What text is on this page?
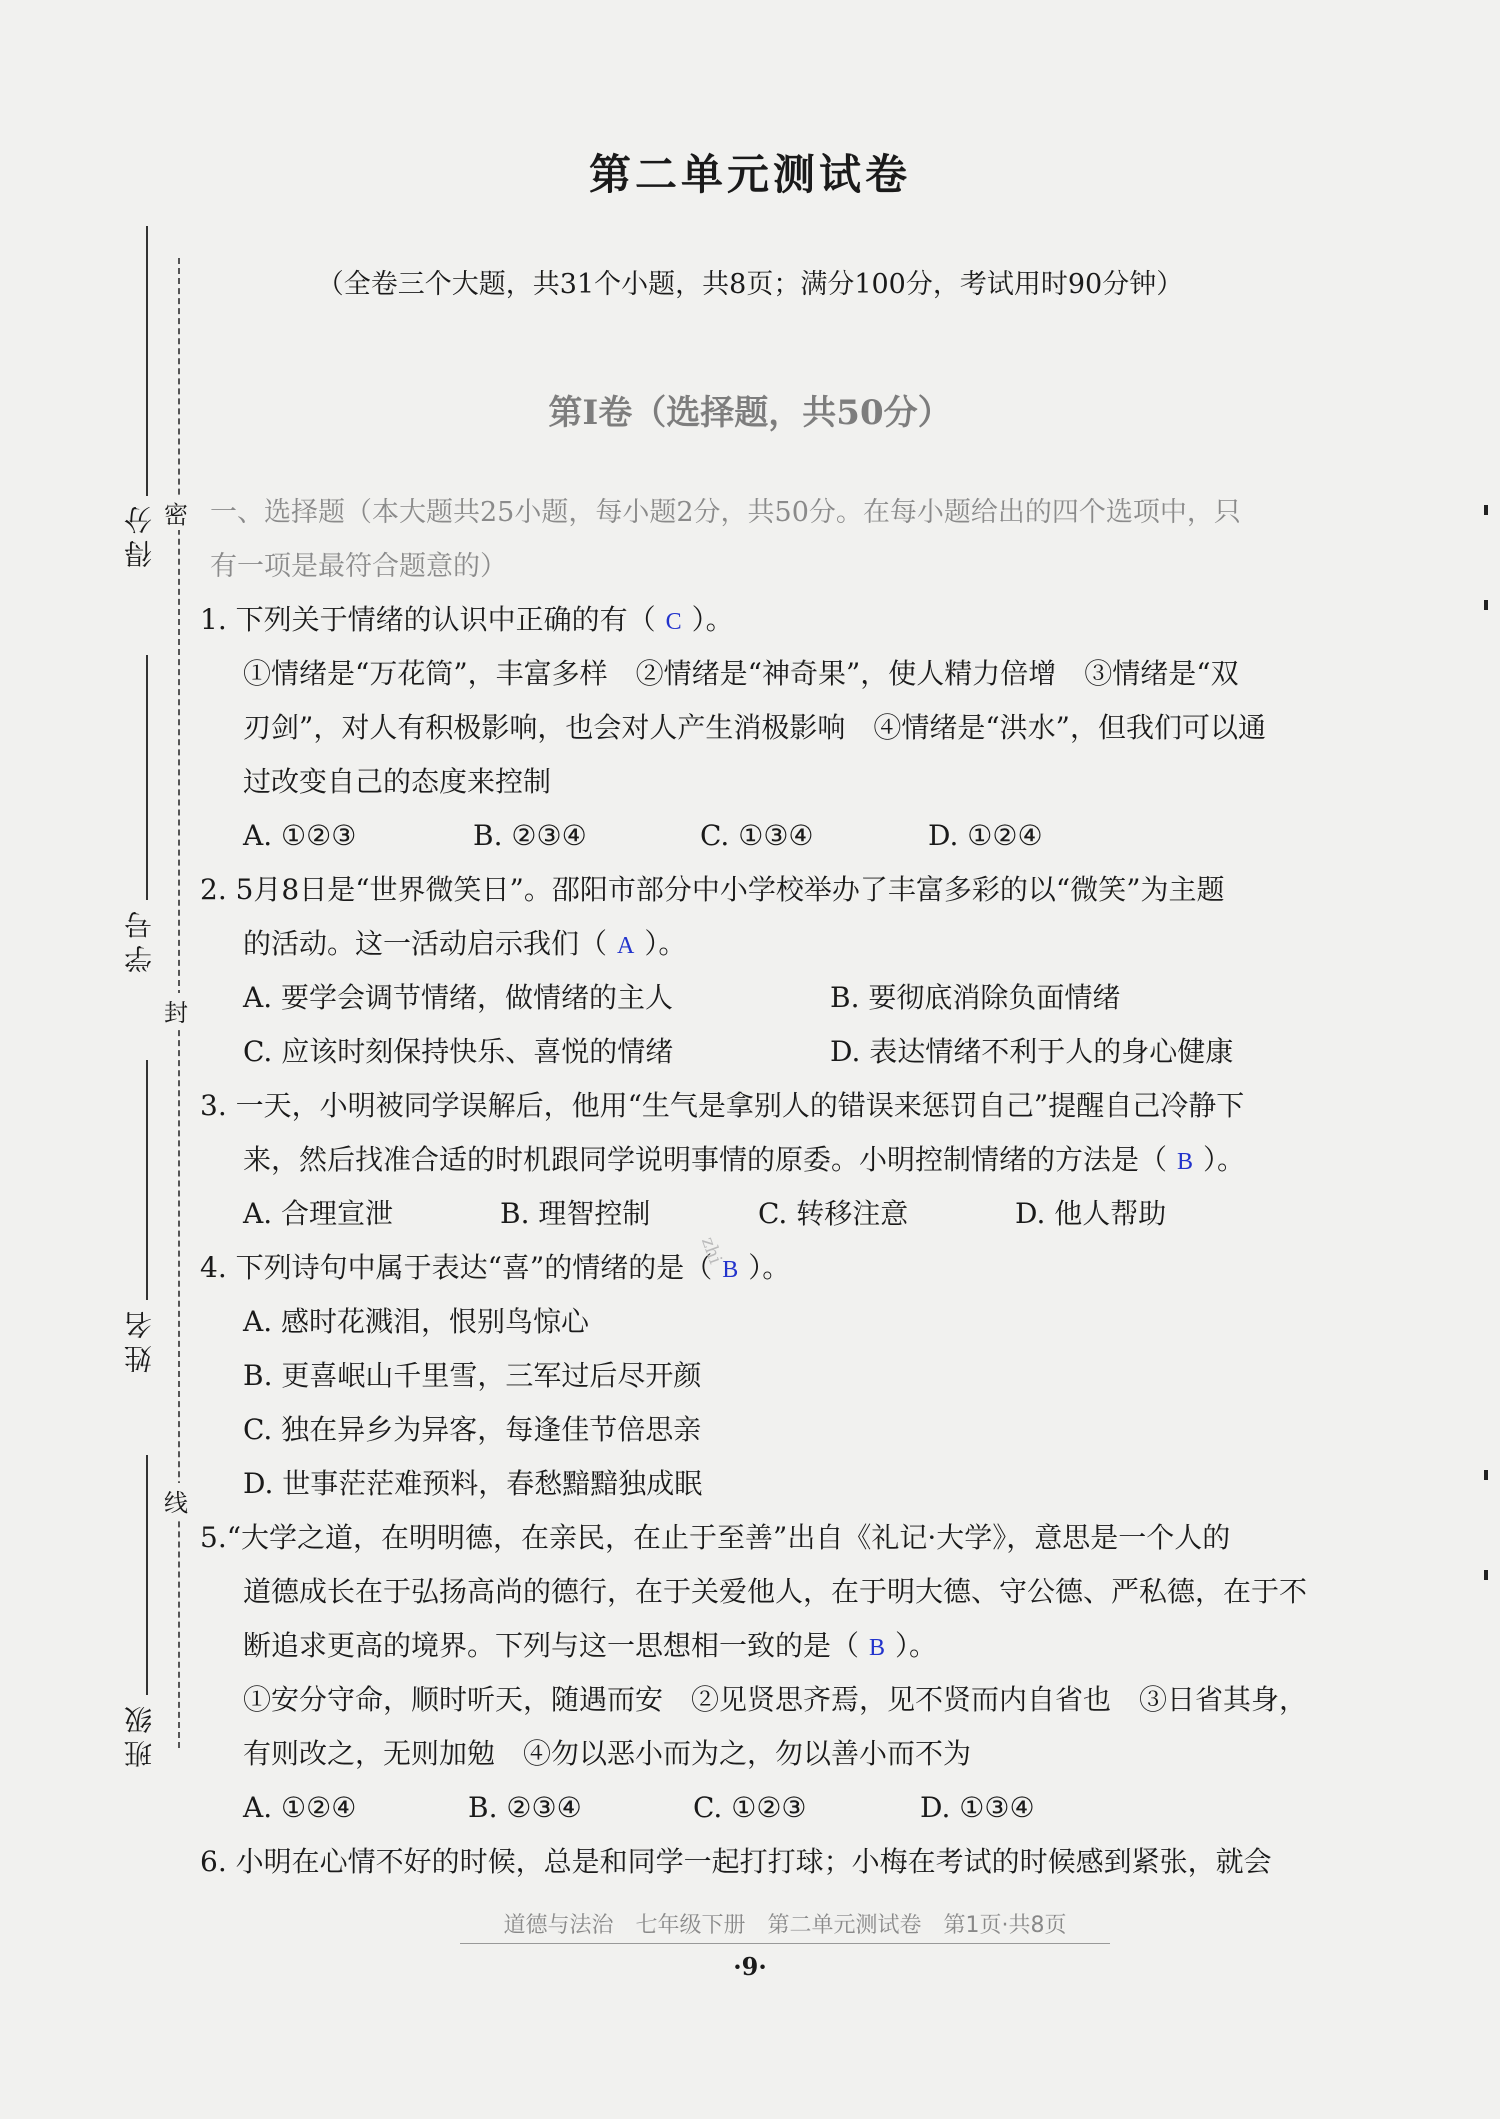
第二单元测试卷
（全卷三个大题，共31个小题，共8页；满分100分，考试用时90分钟）
第Ⅰ卷（选择题，共50分）
一、选择题（本大题共25小题，每小题2分，共50分。在每小题给出的四个选项中，只
有一项是最符合题意的）
得分
学号
姓名
班级
密
封
线
1. 下列关于情绪的认识中正确的有（ C ）。
①情绪是“万花筒”，丰富多样　②情绪是“神奇果”，使人精力倍增　③情绪是“双
刃剑”，对人有积极影响，也会对人产生消极影响　④情绪是“洪水”，但我们可以通
过改变自己的态度来控制
A. ①②③	B. ②③④	C. ①③④	D. ①②④
2. 5月8日是“世界微笑日”。邵阳市部分中小学校举办了丰富多彩的以“微笑”为主题
的活动。这一活动启示我们（ A ）。
A. 要学会调节情绪，做情绪的主人	B. 要彻底消除负面情绪
C. 应该时刻保持快乐、喜悦的情绪	D. 表达情绪不利于人的身心健康
3. 一天，小明被同学误解后，他用“生气是拿别人的错误来惩罚自己”提醒自己冷静下
来，然后找准合适的时机跟同学说明事情的原委。小明控制情绪的方法是（ B ）。
A. 合理宣泄	B. 理智控制	C. 转移注意	D. 他人帮助
4. 下列诗句中属于表达“喜”的情绪的是（ B ）。
zhi
A. 感时花溅泪，恨别鸟惊心
B. 更喜岷山千里雪，三军过后尽开颜
C. 独在异乡为异客，每逢佳节倍思亲
D. 世事茫茫难预料，春愁黯黯独成眠
5.“大学之道，在明明德，在亲民，在止于至善”出自《礼记·大学》，意思是一个人的
道德成长在于弘扬高尚的德行，在于关爱他人，在于明大德、守公德、严私德，在于不
断追求更高的境界。下列与这一思想相一致的是（ B ）。
①安分守命，顺时听天，随遇而安　②见贤思齐焉，见不贤而内自省也　③日省其身，
有则改之，无则加勉　④勿以恶小而为之，勿以善小而不为
A. ①②④	B. ②③④	C. ①②③	D. ①③④
6. 小明在心情不好的时候，总是和同学一起打打球；小梅在考试的时候感到紧张，就会
道德与法治　七年级下册　第二单元测试卷　第1页·共8页
·9·
